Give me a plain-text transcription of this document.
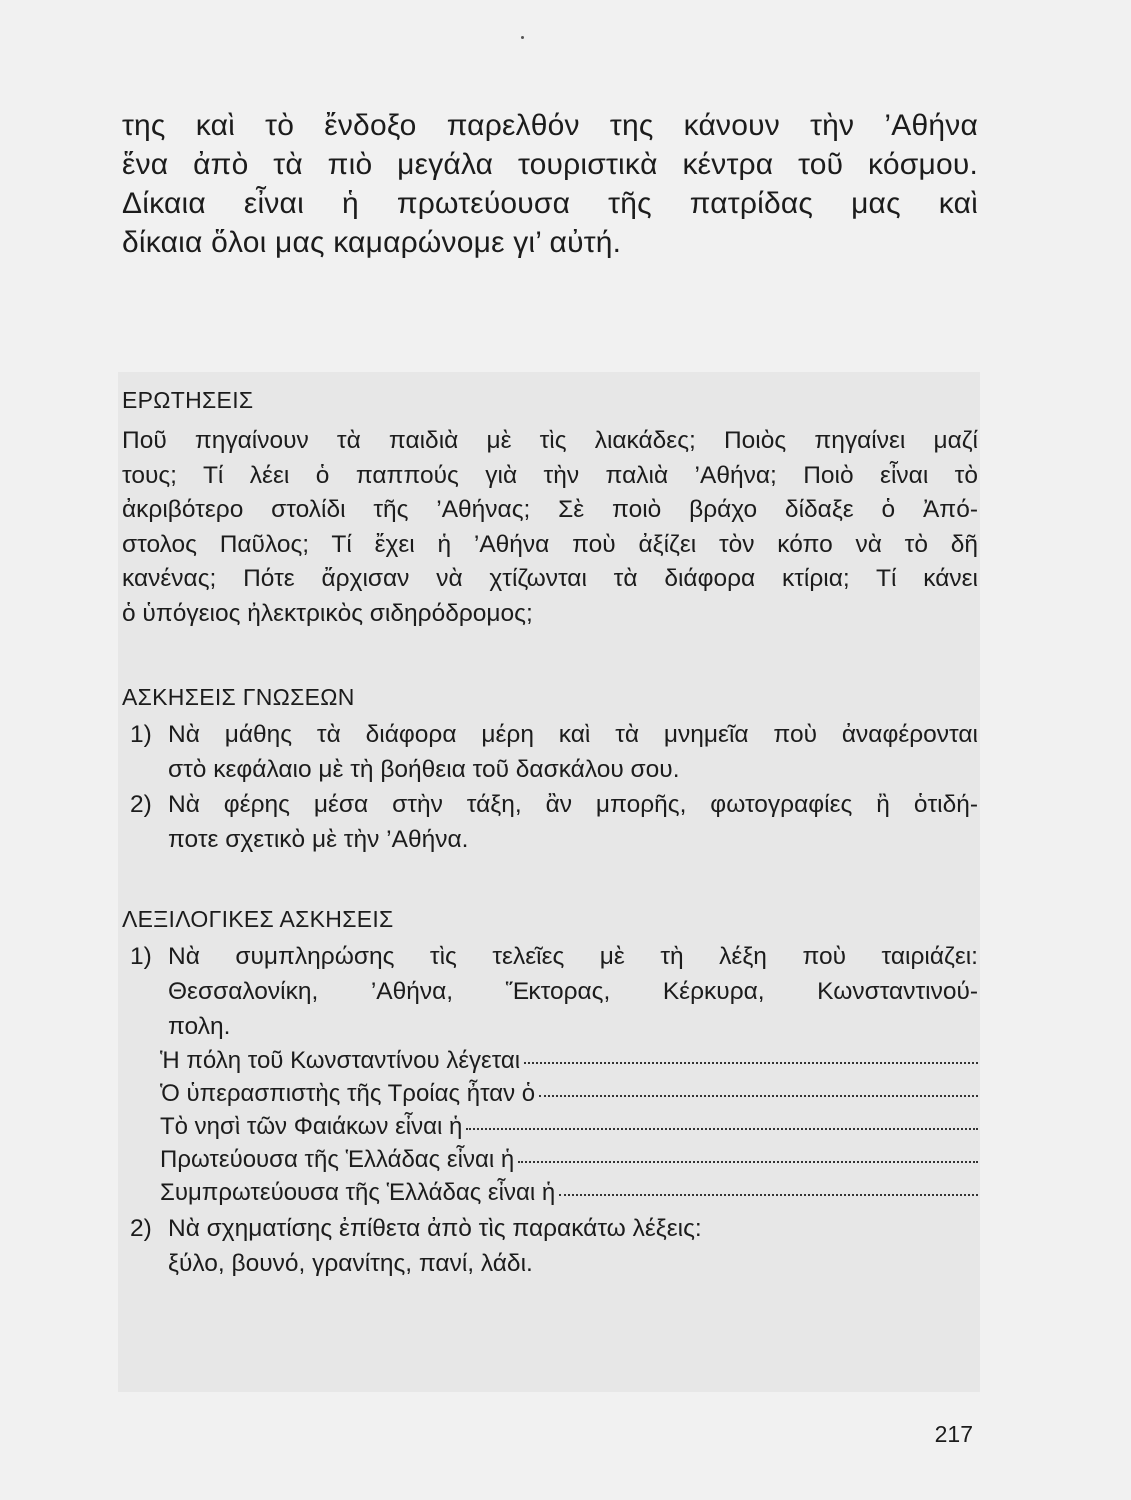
της καὶ τὸ ἔνδοξο παρελθόν της κάνουν τὴν ’Αθήνα
ἕνα ἀπὸ τὰ πιὸ μεγάλα τουριστικὰ κέντρα τοῦ κόσμου.
Δίκαια εἶναι ἡ πρωτεύουσα τῆς πατρίδας μας καὶ
δίκαια ὅλοι μας καμαρώνομε γι’ αὐτή.
ΕΡΩΤΗΣΕΙΣ
Ποῦ πηγαίνουν τὰ παιδιὰ μὲ τὶς λιακάδες; Ποιὸς πηγαίνει μαζί
τους; Τί λέει ὁ παππούς γιὰ τὴν παλιὰ ’Αθήνα; Ποιὸ εἶναι τὸ
ἀκριβότερο στολίδι τῆς ’Αθήνας; Σὲ ποιὸ βράχο δίδαξε ὁ Ἀπό-
στολος Παῦλος; Τί ἔχει ἡ ’Αθήνα ποὺ ἀξίζει τὸν κόπο νὰ τὸ δῆ
κανένας; Πότε ἄρχισαν νὰ χτίζωνται τὰ διάφορα κτίρια; Τί κάνει
ὁ ὑπόγειος ἠλεκτρικὸς σιδηρόδρομος;
ΑΣΚΗΣΕΙΣ ΓΝΩΣΕΩΝ
1) Νὰ μάθης τὰ διάφορα μέρη καὶ τὰ μνημεῖα ποὺ ἀναφέρονται
στὸ κεφάλαιο μὲ τὴ βοήθεια τοῦ δασκάλου σου.
2) Νὰ φέρης μέσα στὴν τάξη, ἂν μπορῆς, φωτογραφίες ἢ ὁτιδή-
ποτε σχετικὸ μὲ τὴν ’Αθήνα.
ΛΕΞΙΛΟΓΙΚΕΣ ΑΣΚΗΣΕΙΣ
1) Νὰ συμπληρώσης τὶς τελεῖες μὲ τὴ λέξη ποὺ ταιριάζει:
Θεσσαλονίκη, ’Αθήνα, Ἕκτορας, Κέρκυρα, Κωνσταντινού-
πολη.
Ἡ πόλη τοῦ Κωνσταντίνου λέγεται
Ὁ ὑπερασπιστὴς τῆς Τροίας ἦταν ὁ
Τὸ νησὶ τῶν Φαιάκων εἶναι ἡ
Πρωτεύουσα τῆς Ἑλλάδας εἶναι ἡ
Συμπρωτεύουσα τῆς Ἑλλάδας εἶναι ἡ
2) Νὰ σχηματίσης ἐπίθετα ἀπὸ τὶς παρακάτω λέξεις:
ξύλο, βουνό, γρανίτης, πανί, λάδι.
217
